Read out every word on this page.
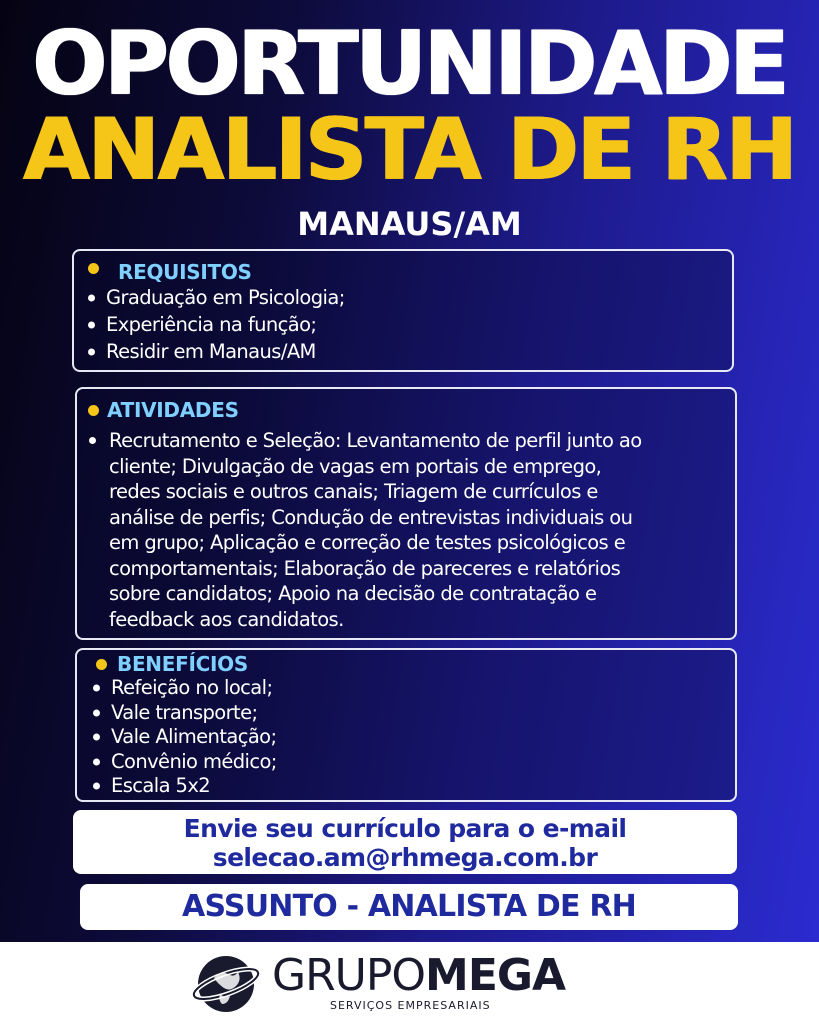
OPORTUNIDADE
ANALISTA DE RH
MANAUS/AM
REQUISITOS
Graduação em Psicologia;
Experiência na função;
Residir em Manaus/AM
ATIVIDADES
Recrutamento e Seleção: Levantamento de perfil junto ao
cliente; Divulgação de vagas em portais de emprego,
redes sociais e outros canais; Triagem de currículos e
análise de perfis; Condução de entrevistas individuais ou
em grupo; Aplicação e correção de testes psicológicos e
comportamentais; Elaboração de pareceres e relatórios
sobre candidatos; Apoio na decisão de contratação e
feedback aos candidatos.
BENEFÍCIOS
Refeição no local;
Vale transporte;
Vale Alimentação;
Convênio médico;
Escala 5x2
Envie seu currículo para o e-mail
selecao.am@rhmega.com.br
ASSUNTO - ANALISTA DE RH
GRUPOMEGA
SERVIÇOS EMPRESARIAIS
